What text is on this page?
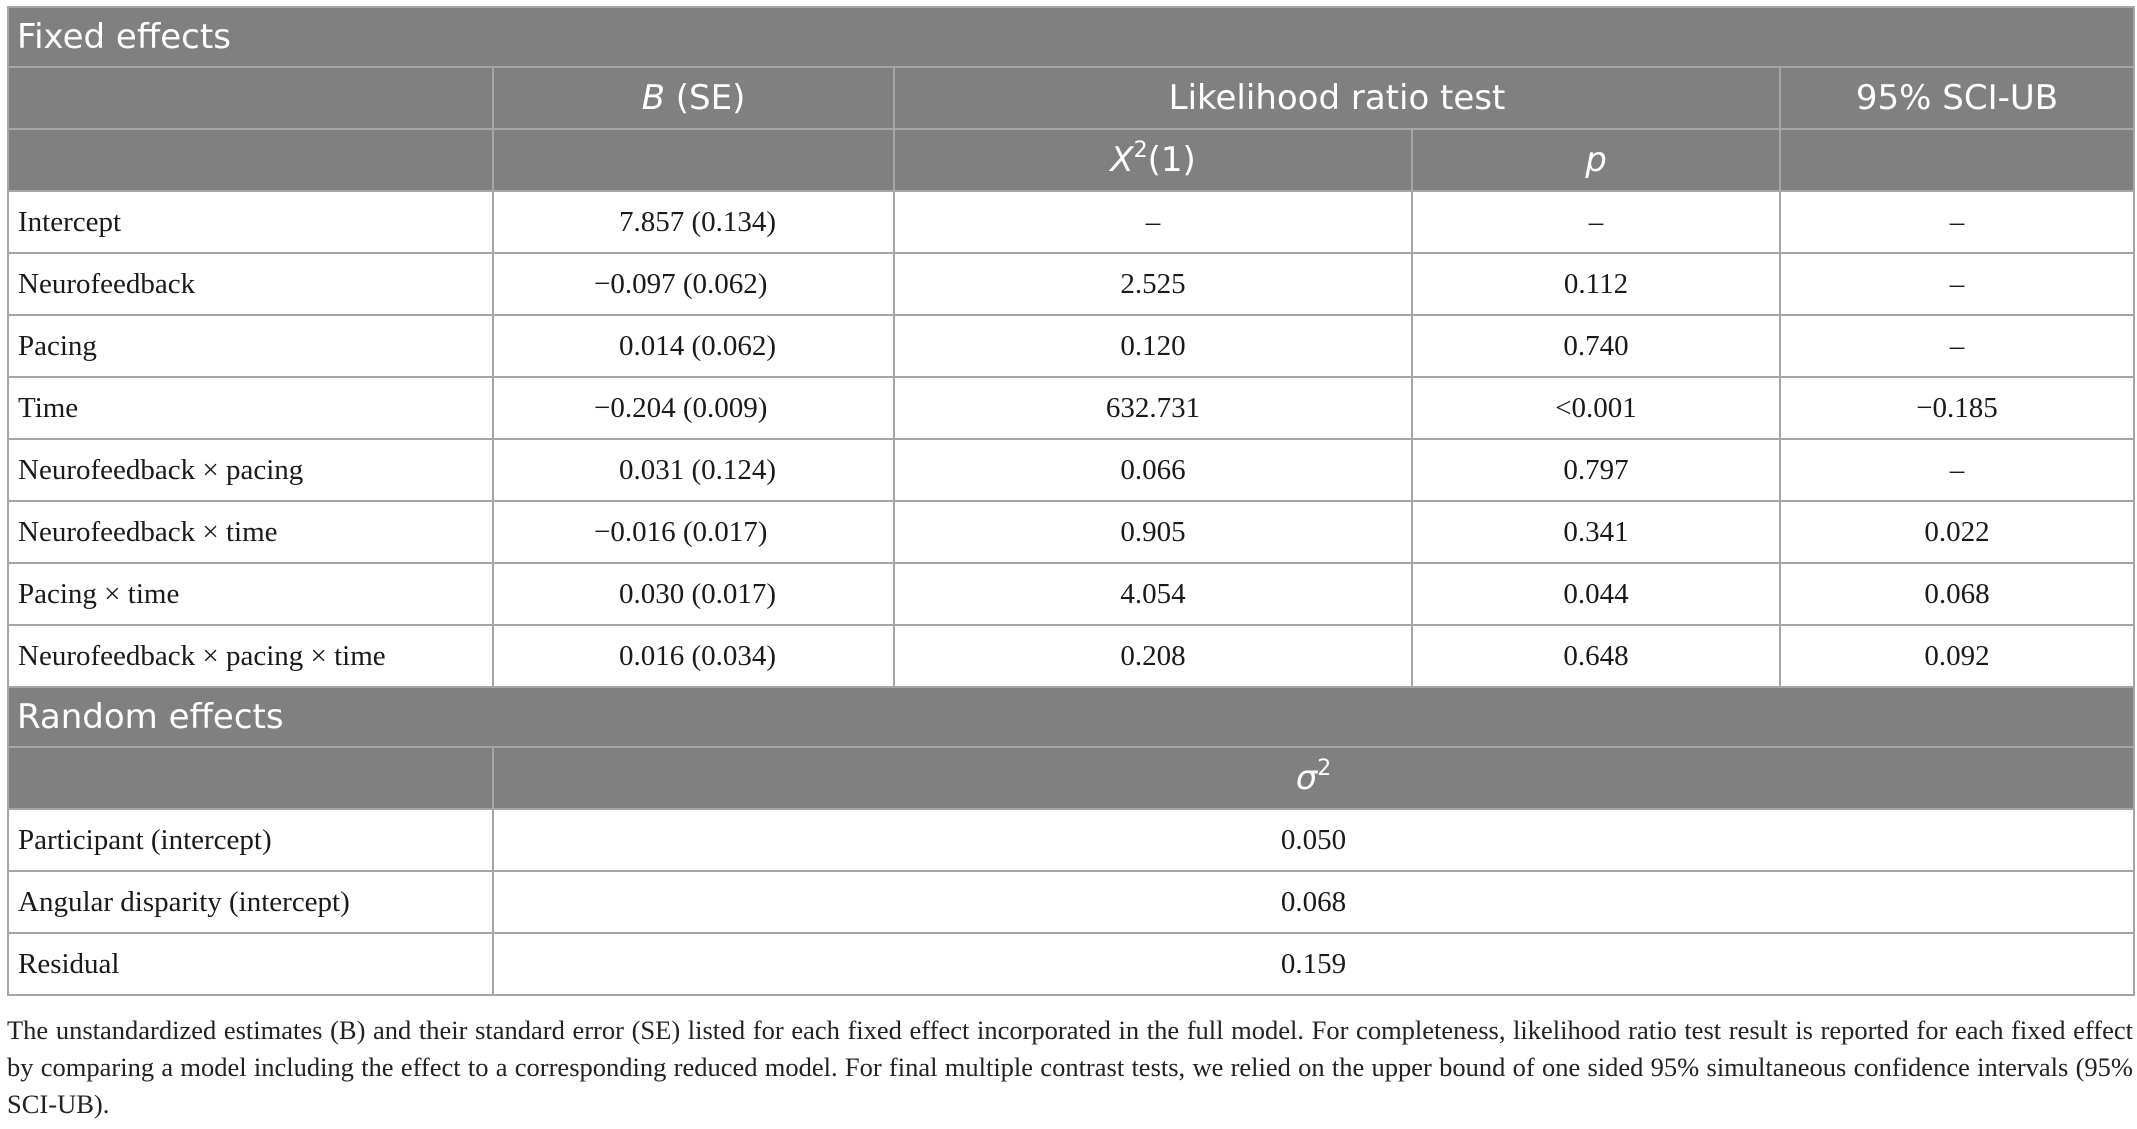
Fixed effects				
	B (SE)	Likelihood ratio test		95% SCI-UB
		$X^2(1)$	p	
Intercept	7.857 (0.134)	–	–	–
Neurofeedback	−0.097 (0.062)	2.525	0.112	–
Pacing	0.014 (0.062)	0.120	0.740	–
Time	−0.204 (0.009)	632.731	<0.001	−0.185
Neurofeedback × pacing	0.031 (0.124)	0.066	0.797	–
Neurofeedback × time	−0.016 (0.017)	0.905	0.341	0.022
Pacing × time	0.030 (0.017)	4.054	0.044	0.068
Neurofeedback × pacing × time	0.016 (0.034)	0.208	0.648	0.092
Random effects				
	$\sigma^2$
Participant (intercept)	0.050			
Angular disparity (intercept)	0.068			
Residual	0.159			
The unstandardized estimates (B) and their standard error (SE) listed for each fixed effect incorporated in the full model. For completeness, likelihood ratio test result is reported for each fixed effect by comparing a model including the effect to a corresponding reduced model. For final multiple contrast tests, we relied on the upper bound of one sided 95% simultaneous confidence intervals (95% SCI-UB).
